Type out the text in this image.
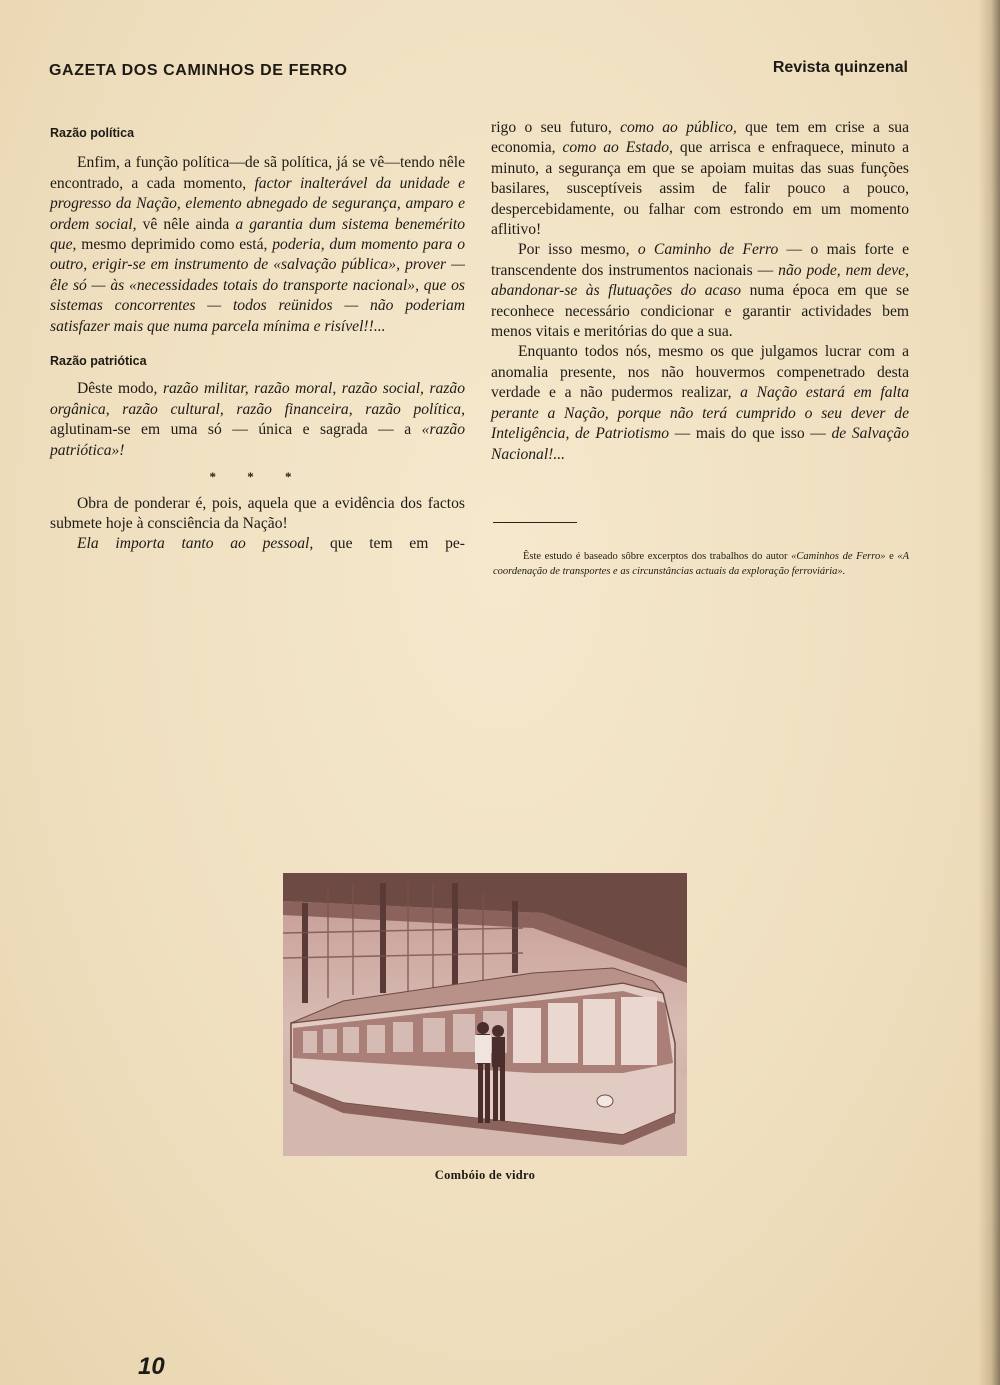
GAZETA DOS CAMINHOS DE FERRO	Revista quinzenal
Razão política

Enfim, a função política—de sã política, já se vê—tendo nêle encontrado, a cada momento, factor inalterável da unidade e progresso da Nação, elemento abnegado de segurança, amparo e ordem social, vê nêle ainda a garantia dum sistema benemérito que, mesmo deprimido como está, poderia, dum momento para o outro, erigir-se em instrumento de «salvação pública», prover — êle só — às «necessidades totais do transporte nacional», que os sistemas concorrentes — todos reünidos — não poderiam satisfazer mais que numa parcela mínima e risível!!...

Razão patriótica

Dêste modo, razão militar, razão moral, razão social, razão orgânica, razão cultural, razão financeira, razão política, aglutinam-se em uma só — única e sagrada — a «razão patriótica»!

* * *

Obra de ponderar é, pois, aquela que a evidência dos factos submete hoje à consciência da Nação!

Ela importa tanto ao pessoal, que tem em pe-

rigo o seu futuro, como ao público, que tem em crise a sua economia, como ao Estado, que arrisca e enfraquece, minuto a minuto, a segurança em que se apoiam muitas das suas funções basilares, susceptíveis assim de falir pouco a pouco, despercebidamente, ou falhar com estrondo em um momento aflitivo!

Por isso mesmo, o Caminho de Ferro — o mais forte e transcendente dos instrumentos nacionais — não pode, nem deve, abandonar-se às flutuações do acaso numa época em que se reconhece necessário condicionar e garantir actividades bem menos vitais e meritórias do que a sua.

Enquanto todos nós, mesmo os que julgamos lucrar com a anomalia presente, nos não houvermos compenetrado desta verdade e a não pudermos realizar, a Nação estará em falta perante a Nação, porque não terá cumprido o seu dever de Inteligência, de Patriotismo — mais do que isso — de Salvação Nacional!...

Êste estudo é baseado sôbre excerptos dos trabalhos do autor «Caminhos de Ferro» e «A coordenação de transportes e as circunstâncias actuais da exploração ferroviária».
Combóio de vidro
10
